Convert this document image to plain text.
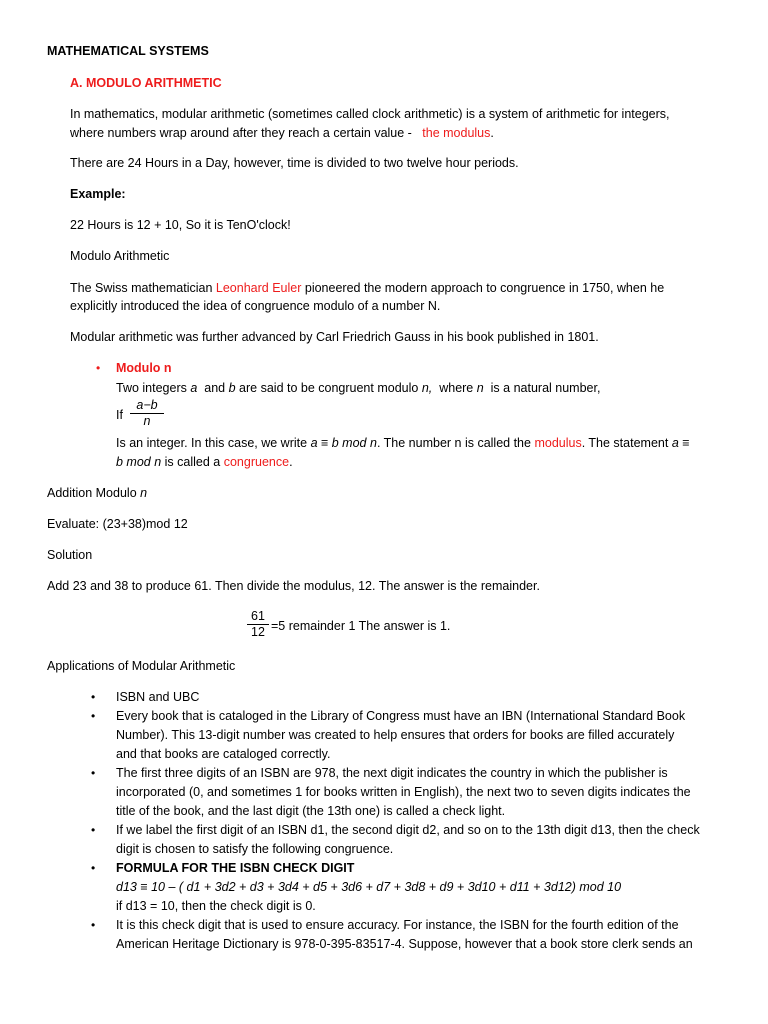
MATHEMATICAL SYSTEMS
A. MODULO ARITHMETIC
In mathematics, modular arithmetic (sometimes called clock arithmetic) is a system of arithmetic for integers,
where numbers wrap around after they reach a certain value - the modulus.
There are 24 Hours in a Day, however, time is divided to two twelve hour periods.
Example:
22 Hours is 12 + 10, So it is TenO'clock!
Modulo Arithmetic
The Swiss mathematician Leonhard Euler pioneered the modern approach to congruence in 1750, when he
explicitly introduced the idea of congruence modulo of a number N.
Modular arithmetic was further advanced by Carl Friedrich Gauss in his book published in 1801.
• Modulo n
Two integers a and b are said to be congruent modulo n, where n is a natural number,
If $\frac{a-b}{n}$
Is an integer. In this case, we write a ≡ b mod n. The number n is called the modulus. The statement a ≡
b mod n is called a congruence.
Addition Modulo n
Evaluate: (23+38)mod 12
Solution
Add 23 and 38 to produce 61. Then divide the modulus, 12. The answer is the remainder.
$\frac{61}{12} =5$ remainder 1 The answer is 1.
Applications of Modular Arithmetic
• ISBN and UBC
• Every book that is cataloged in the Library of Congress must have an IBN (International Standard Book
Number). This 13-digit number was created to help ensures that orders for books are filled accurately
and that books are cataloged correctly.
• The first three digits of an ISBN are 978, the next digit indicates the country in which the publisher is
incorporated (0, and sometimes 1 for books written in English), the next two to seven digits indicates the
title of the book, and the last digit (the 13th one) is called a check light.
• If we label the first digit of an ISBN d1, the second digit d2, and so on to the 13th digit d13, then the check
digit is chosen to satisfy the following congruence.
• FORMULA FOR THE ISBN CHECK DIGIT
d13 ≡ 10 – ( d1 + 3d2 + d3 + 3d4 + d5 + 3d6 + d7 + 3d8 + d9 + 3d10 + d11 + 3d12) mod 10
if d13 = 10, then the check digit is 0.
• It is this check digit that is used to ensure accuracy. For instance, the ISBN for the fourth edition of the
American Heritage Dictionary is 978-0-395-83517-4. Suppose, however that a book store clerk sends an
